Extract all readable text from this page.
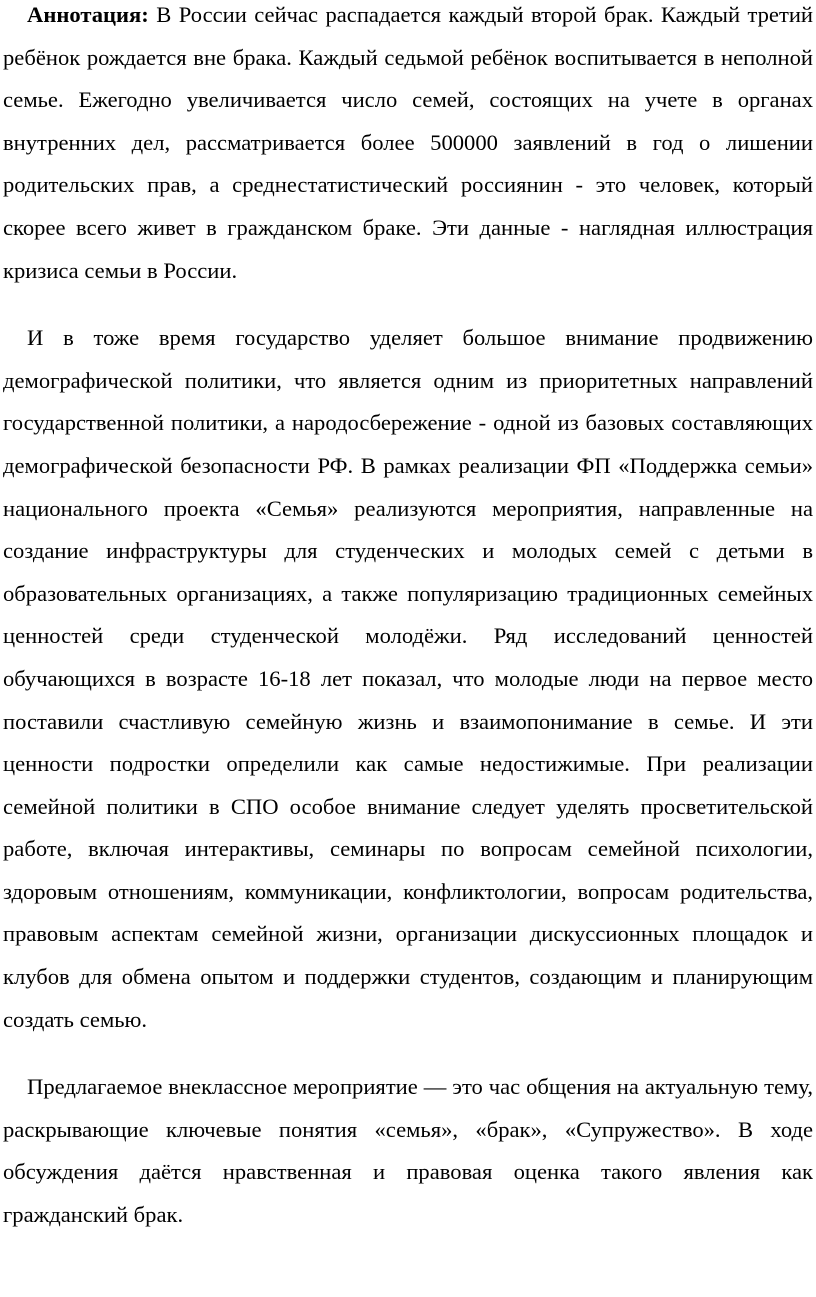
Аннотация: В России сейчас распадается каждый второй брак. Каждый третий ребёнок рождается вне брака. Каждый седьмой ребёнок воспитывается в неполной семье. Ежегодно увеличивается число семей, состоящих на учете в органах внутренних дел, рассматривается более 500000 заявлений в год о лишении родительских прав, а среднестатистический россиянин - это человек, который скорее всего живет в гражданском браке. Эти данные - наглядная иллюстрация кризиса семьи в России.

И в тоже время государство уделяет большое внимание продвижению демографической политики, что является одним из приоритетных направлений государственной политики, а народосбережение - одной из базовых составляющих демографической безопасности РФ. В рамках реализации ФП «Поддержка семьи» национального проекта «Семья» реализуются мероприятия, направленные на создание инфраструктуры для студенческих и молодых семей с детьми в образовательных организациях, а также популяризацию традиционных семейных ценностей среди студенческой молодёжи. Ряд исследований ценностей обучающихся в возрасте 16-18 лет показал, что молодые люди на первое место поставили счастливую семейную жизнь и взаимопонимание в семье. И эти ценности подростки определили как самые недостижимые. При реализации семейной политики в СПО особое внимание следует уделять просветительской работе, включая интерактивы, семинары по вопросам семейной психологии, здоровым отношениям, коммуникации, конфликтологии, вопросам родительства, правовым аспектам семейной жизни, организации дискуссионных площадок и клубов для обмена опытом и поддержки студентов, создающим и планирующим создать семью.

Предлагаемое внеклассное мероприятие — это час общения на актуальную тему, раскрывающие ключевые понятия «семья», «брак», «Супружество». В ходе обсуждения даётся нравственная и правовая оценка такого явления как гражданский брак.
